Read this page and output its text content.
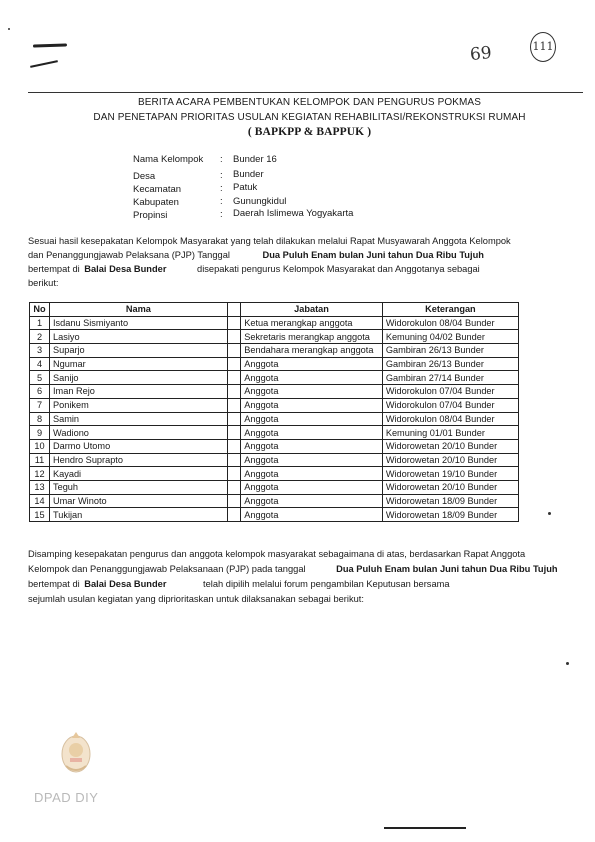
69	111
BERITA ACARA PEMBENTUKAN KELOMPOK DAN PENGURUS POKMAS
DAN PENETAPAN PRIORITAS USULAN KEGIATAN REHABILITASI/REKONSTRUKSI RUMAH
( BAPKPP & BAPPUK )
Nama Kelompok : Bunder 16
Desa	: Bunder
Kecamatan	: Patuk
Kabupaten	: Gunungkidul
Propinsi	: Daerah Islimewa Yogyakarta
Sesuai hasil kesepakatan Kelompok Masyarakat yang telah dilakukan melalui Rapat Musyawarah Anggota Kelompok
dan Penanggungjawab Pelaksana (PJP) Tanggal	Dua Puluh Enam bulan Juni tahun Dua Ribu Tujuh
bertempat di Balai Desa Bunder	disepakati pengurus Kelompok Masyarakat dan Anggotanya sebagai
berikut:
No	Nama		Jabatan	Keterangan
1	Isdanu Sismiyanto		Ketua merangkap anggota	Widorokulon 08/04 Bunder
2	Lasiyo		Sekretaris merangkap anggota	Kemuning 04/02 Bunder
3	Suparjo		Bendahara merangkap anggota	Gambiran 26/13 Bunder
4	Ngumar		Anggota	Gambiran 26/13 Bunder
5	Sanijo		Anggota	Gambiran 27/14 Bunder
6	Iman Rejo		Anggota	Widorokulon 07/04 Bunder
7	Ponikem		Anggota	Widorokulon 07/04 Bunder
8	Samin		Anggota	Widorokulon 08/04 Bunder
9	Wadiono		Anggota	Kemuning 01/01 Bunder
10	Darmo Utomo		Anggota	Widorowetan 20/10 Bunder
11	Hendro Suprapto		Anggota	Widorowetan 20/10 Bunder
12	Kayadi		Anggota	Widorowetan 19/10 Bunder
13	Teguh		Anggota	Widorowetan 20/10 Bunder
14	Umar Winoto		Anggota	Widorowetan 18/09 Bunder
15	Tukijan		Anggota	Widorowetan 18/09 Bunder
Disamping kesepakatan pengurus dan anggota kelompok masyarakat sebagaimana di atas, berdasarkan Rapat Anggota
Kelompok dan Penanggungjawab Pelaksanaan (PJP) pada tanggal	Dua Puluh Enam bulan Juni tahun Dua Ribu Tujuh
bertempat di Balai Desa Bunder	telah dipilih melalui forum pengambilan Keputusan bersama
sejumlah usulan kegiatan yang diprioritaskan untuk dilaksanakan sebagai berikut:
DPAD DIY
